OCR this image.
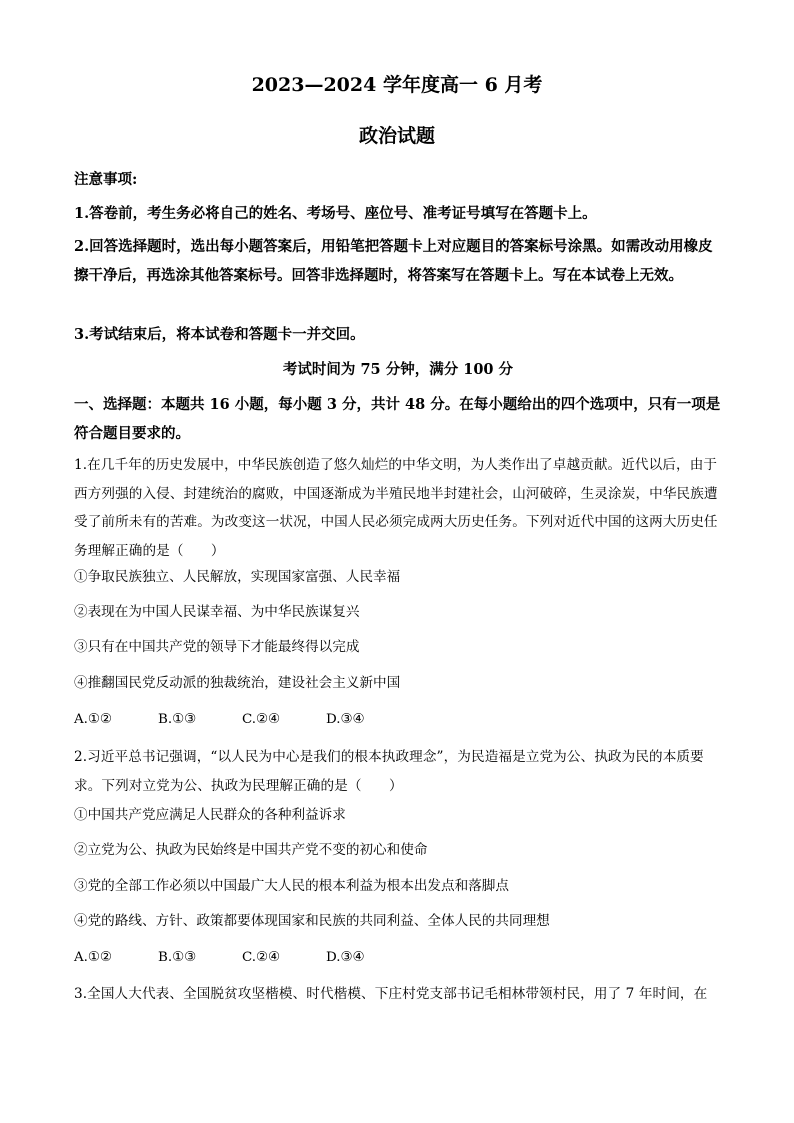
2023—2024 学年度高一 6 月考
政治试题

注意事项:

1.答卷前，考生务必将自己的姓名、考场号、座位号、准考证号填写在答题卡上。

2.回答选择题时，选出每小题答案后，用铅笔把答题卡上对应题目的答案标号涂黑。如需改动用橡皮擦干净后，再选涂其他答案标号。回答非选择题时，将答案写在答题卡上。写在本试卷上无效。

3.考试结束后，将本试卷和答题卡一并交回。

考试时间为 75 分钟，满分 100 分

一、选择题：本题共 16 小题，每小题 3 分，共计 48 分。在每小题给出的四个选项中，只有一项是符合题目要求的。

1.在几千年的历史发展中，中华民族创造了悠久灿烂的中华文明，为人类作出了卓越贡献。近代以后，由于西方列强的入侵、封建统治的腐败，中国逐渐成为半殖民地半封建社会，山河破碎，生灵涂炭，中华民族遭受了前所未有的苦难。为改变这一状况，中国人民必须完成两大历史任务。下列对近代中国的这两大历史任务理解正确的是（　　）

①争取民族独立、人民解放，实现国家富强、人民幸福

②表现在为中国人民谋幸福、为中华民族谋复兴

③只有在中国共产党的领导下才能最终得以完成

④推翻国民党反动派的独裁统治，建设社会主义新中国

A.①②	B.①③	C.②④	D.③④

2.习近平总书记强调，“以人民为中心是我们的根本执政理念”，为民造福是立党为公、执政为民的本质要求。下列对立党为公、执政为民理解正确的是（　　）

①中国共产党应满足人民群众的各种利益诉求

②立党为公、执政为民始终是中国共产党不变的初心和使命

③党的全部工作必须以中国最广大人民的根本利益为根本出发点和落脚点

④党的路线、方针、政策都要体现国家和民族的共同利益、全体人民的共同理想

A.①②	B.①③	C.②④	D.③④

3.全国人大代表、全国脱贫攻坚楷模、时代楷模、下庄村党支部书记毛相林带领村民，用了 7 年时间，在
